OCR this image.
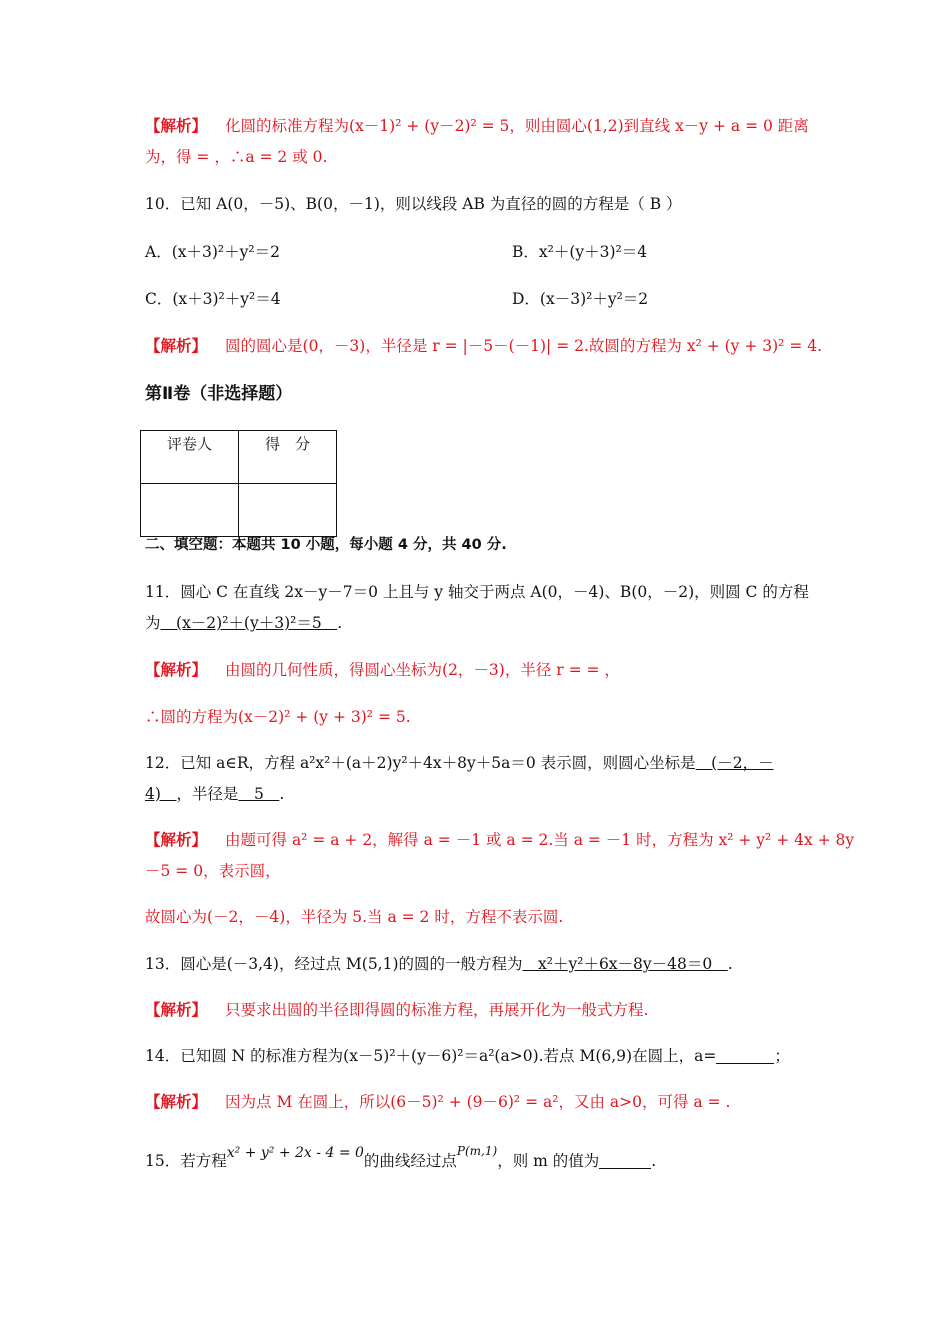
【解析】 化圆的标准方程为(x－1)² + (y－2)² = 5，则由圆心(1,2)到直线 x－y + a = 0 距离
为，得 = ，∴a = 2 或 0.
10．已知 A(0，－5)、B(0，－1)，则以线段 AB 为直径的圆的方程是（ B ）
A．(x＋3)²＋y²＝2	B．x²＋(y＋3)²＝4
C．(x＋3)²＋y²＝4	D．(x－3)²＋y²＝2
【解析】 圆的圆心是(0，－3)，半径是 r = |－5－(－1)| = 2.故圆的方程为 x² + (y + 3)² = 4.
第Ⅱ卷（非选择题）
评卷人	得　分

二、填空题：本题共 10 小题，每小题 4 分，共 40 分.
11．圆心 C 在直线 2x－y－7＝0 上且与 y 轴交于两点 A(0，－4)、B(0，－2)，则圆 C 的方程
为　(x－2)²＋(y＋3)²＝5　.
【解析】 由圆的几何性质，得圆心坐标为(2，－3)，半径 r = = ，
∴圆的方程为(x－2)² + (y + 3)² = 5.
12．已知 a∈R，方程 a²x²＋(a＋2)y²＋4x＋8y＋5a＝0 表示圆，则圆心坐标是　(－2，－
4)　，半径是　5　.
【解析】 由题可得 a² = a + 2，解得 a = －1 或 a = 2.当 a = －1 时，方程为 x² + y² + 4x + 8y
－5 = 0，表示圆，
故圆心为(－2，－4)，半径为 5.当 a = 2 时，方程不表示圆.
13．圆心是(－3,4)，经过点 M(5,1)的圆的一般方程为　x²＋y²＋6x－8y－48＝0　.
【解析】 只要求出圆的半径即得圆的标准方程，再展开化为一般式方程.
14．已知圆 N 的标准方程为(x－5)²＋(y－6)²＝a²(a>0).若点 M(6,9)在圆上，a=	；
【解析】 因为点 M 在圆上，所以(6－5)² + (9－6)² = a²，又由 a>0，可得 a = .
15．若方程x² + y² + 2x - 4 = 0的曲线经过点$^{P(m,1)}$，则 m 的值为	.
